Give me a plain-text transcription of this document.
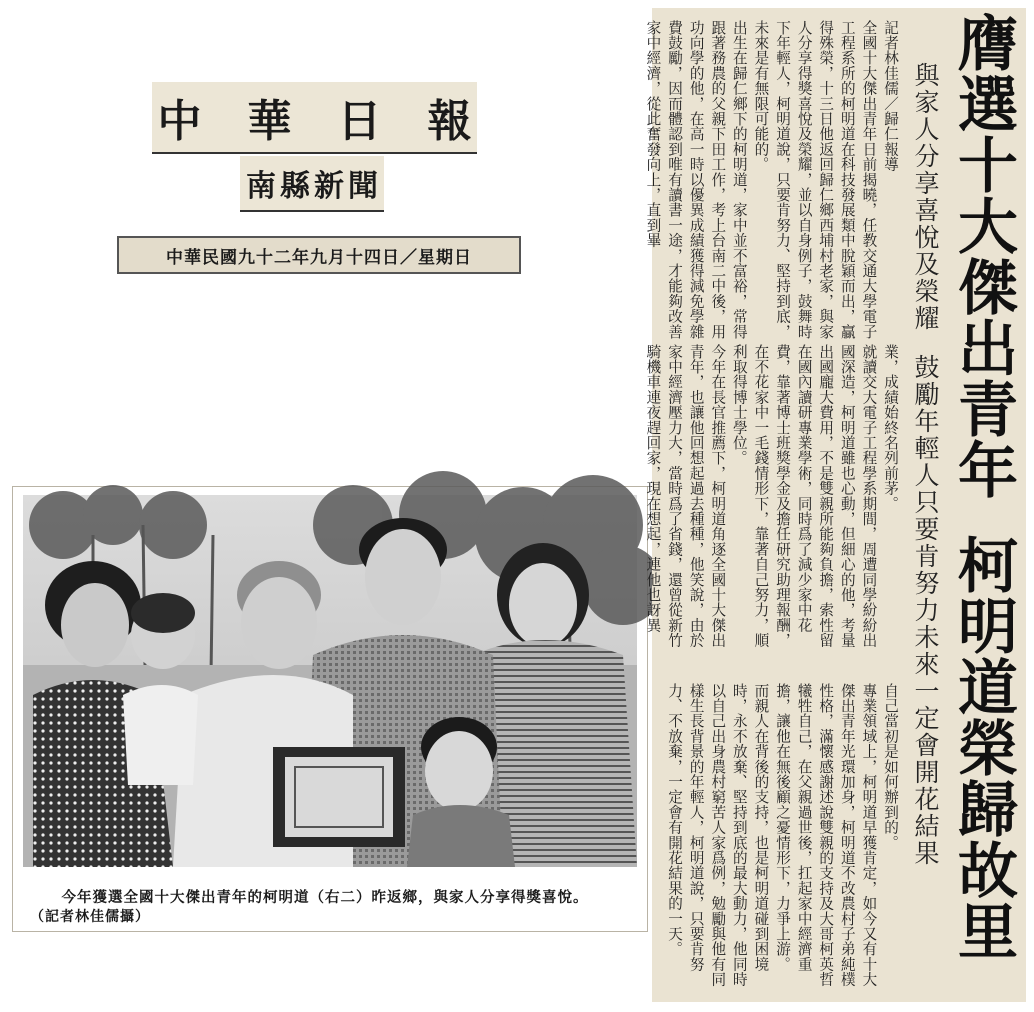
中華日報
南縣新聞
中華民國九十二年九月十四日／星期日
今年獲選全國十大傑出青年的柯明道（右二）昨返鄉，與家人分享得獎喜悅。
（記者林佳儒攝）
膺選十大傑出青年柯明道榮歸故里
與家人分享喜悅及榮耀鼓勵年輕人只要肯努力未來一定會開花結果

記者林佳儒／歸仁報導

全國十大傑出青年日前揭曉，任教交通大學電子工程系所的柯明道在科技發展類中脫穎而出，贏得殊榮，十三日他返回歸仁鄉西埔村老家，與家人分享得獎喜悅及榮耀，並以自身例子，鼓舞時下年輕人，柯明道說，只要肯努力、堅持到底，未來是有無限可能的。

出生在歸仁鄉下的柯明道，家中並不富裕，常得跟著務農的父親下田工作，考上台南二中後，用功向學的他，在高一時以優異成績獲得減免學雜費鼓勵，因而體認到唯有讀書一途，才能夠改善家中經濟，從此奮發向上，直到畢

業，成績始終名列前茅。

就讀交大電子工程學系期間，周遭同學紛紛出國深造，柯明道雖也心動，但細心的他，考量出國龐大費用，不是雙親所能夠負擔，索性留在國內讀研專業學術，同時爲了減少家中花費，靠著博士班獎學金及擔任研究助理報酬，在不花家中一毛錢情形下，靠著自己努力，順利取得博士學位。

今年在長官推薦下，柯明道角逐全國十大傑出青年，也讓他回想起過去種種，他笑說，由於家中經濟壓力大，當時爲了省錢，還曾從新竹騎機車連夜趕回家，現在想起，連他也訝異

自己當初是如何辦到的。

專業領域上，柯明道早獲肯定，如今又有十大傑出青年光環加身，柯明道不改農村子弟純樸性格，滿懷感謝述說雙親的支持及大哥柯英哲犧牲自己，在父親過世後，扛起家中經濟重擔，讓他在無後顧之憂情形下，力爭上游。

而親人在背後的支持，也是柯明道碰到困境時，永不放棄、堅持到底的最大動力，他同時以自己出身農村窮苦人家爲例，勉勵與他有同樣生長背景的年輕人，柯明道說，只要肯努力、不放棄，一定會有開花結果的一天。
